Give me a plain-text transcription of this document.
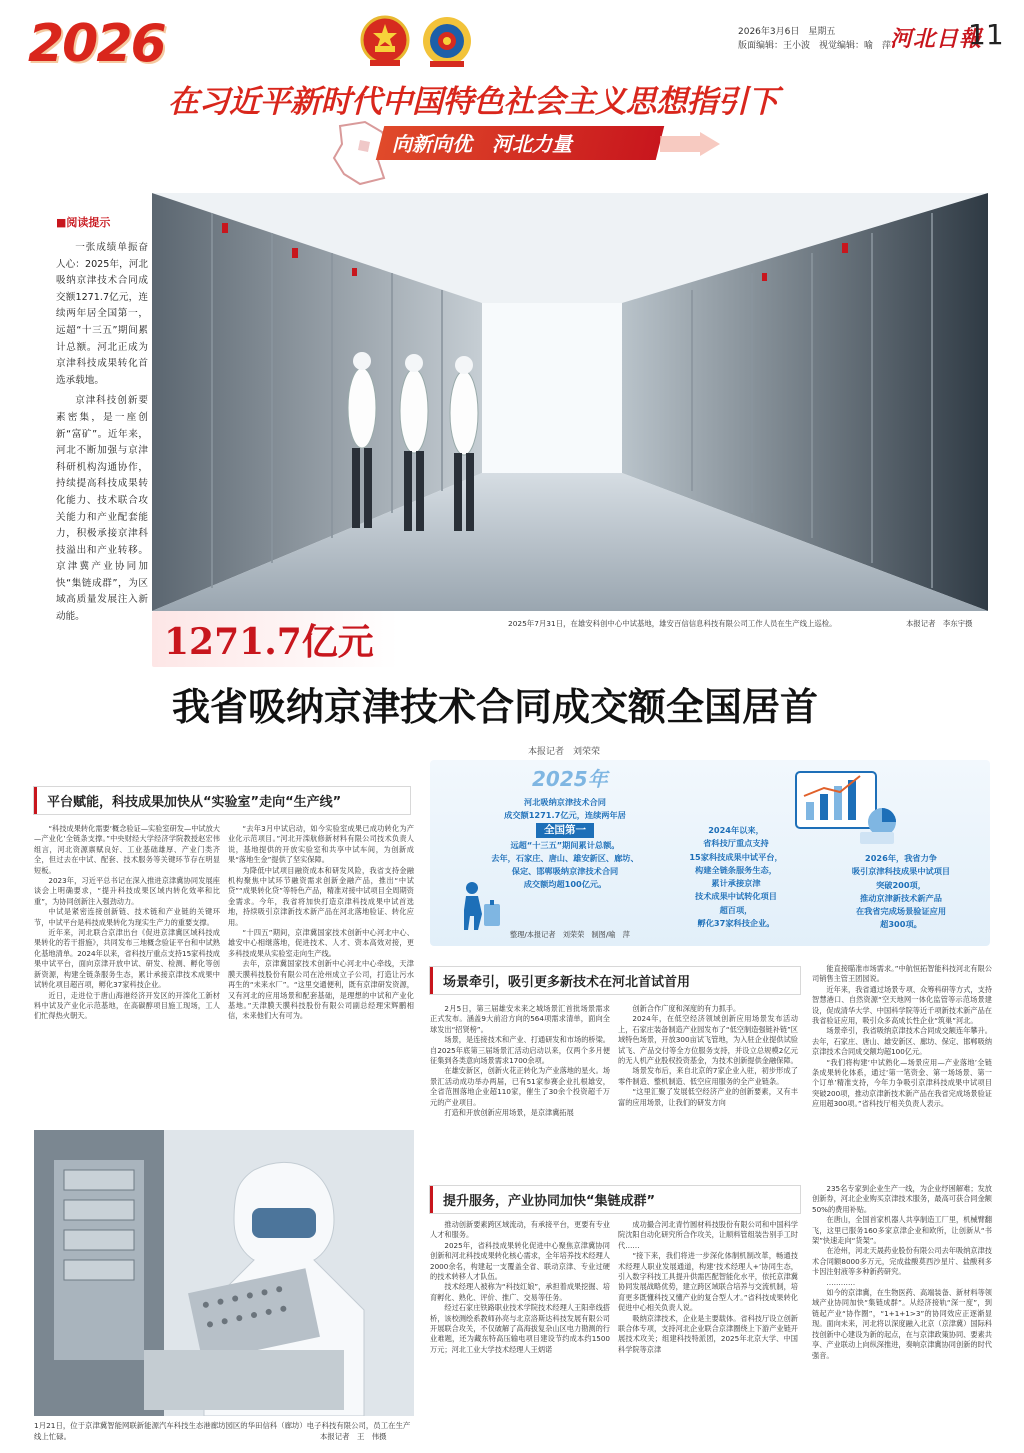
2026	2026年3月6日　星期五
版面编辑：王小波　视觉编辑：喻　萍
河北日報
11
在习近平新时代中国特色社会主义思想指引下
向新向优　河北力量
■阅读提示

一张成绩单振奋人心：2025年，河北吸纳京津技术合同成交额1271.7亿元，连续两年居全国第一，远超“十三五”期间累计总额。河北正成为京津科技成果转化首选承载地。

京津科技创新要素密集，是一座创新“富矿”。近年来，河北不断加强与京津科研机构沟通协作，持续提高科技成果转化能力、技术联合攻关能力和产业配套能力，积极承接京津科技溢出和产业转移。京津冀产业协同加快“集链成群”，为区域高质量发展注入新动能。

2025年7月31日，在雄安科创中心中试基地，雄安百信信息科技有限公司工作人员在生产线上巡检。	本报记者　李东宇摄
1271.7亿元
我省吸纳京津技术合同成交额全国居首
本报记者　刘荣荣
2025年
河北吸纳京津技术合同
成交额1271.7亿元，连续两年居
全国第一
远超“十三五”期间累计总额。
去年，石家庄、唐山、雄安新区、廊坊、
保定、邯郸吸纳京津技术合同
成交额均超100亿元。
2024年以来，
省科技厅重点支持
15家科技成果中试平台，
构建全链条服务生态，
累计承接京津
技术成果中试转化项目
超百项，
孵化37家科技企业。
2026年，我省力争
吸引京津科技成果中试项目
突破200项，
推动京津新技术新产品
在我省完成场景验证应用
超300项。
整理/本报记者　刘荣荣　制图/喻　萍
平台赋能，科技成果加快从“实验室”走向“生产线”

“科技成果转化需要‘概念验证—实验室研发—中试放大—产业化’全链条支撑。”中央财经大学经济学院教授赵宏伟组言，河北资源禀赋良好、工业基础雄厚、产业门类齐全，但过去在中试、配套、技术服务等关键环节存在明显短板。

2023年，习近平总书记在深入推进京津冀协同发展座谈会上明确要求，“提升科技成果区域内转化效率和比重”，为协同创新注入强劲动力。

中试是紧密连接创新链、技术链和产业链的关键环节，中试平台是科技成果转化为现实生产力的重要支撑。

近年来，河北联合京津出台《促进京津冀区域科技成果转化的若干措施》，共同发布三地概念验证平台和中试熟化基地清单。2024年以来，省科技厅重点支持15家科技成果中试平台，面向京津开放中试、研发、检测、孵化等创新资源，构建全链条服务生态，累计承接京津技术成果中试转化项目超百项，孵化37家科技企业。

近日，走进位于唐山海港经济开发区的开滦化工新材料中试及产业化示范基地，在高碳醇项目施工现场，工人们忙得热火朝天。

“去年3月中试启动，如今实验室成果已成功转化为产业化示范项目。”河北开滦航修新材料有限公司技术负责人说，基地提供的开放实验室和共享中试车间，为创新成果“落地生金”提供了坚实保障。

为降低中试项目融资成本和研发风险，我省支持金融机构聚焦中试环节融资需求创新金融产品，推出“中试贷”“成果转化贷”等特色产品，精准对接中试项目全周期资金需求。今年，我省将加快打造京津科技成果中试首选地，持续吸引京津新技术新产品在河北落地验证、转化应用。

“十四五”期间，京津冀国家技术创新中心河北中心、雄安中心相继落地，促进技术、人才、资本高效对接，更多科技成果从实验室走向生产线。

去年，京津冀国家技术创新中心河北中心牵线，天津膜天膜科技股份有限公司在沧州成立子公司，打造让污水再生的“未来水厂”。“这里交通便利，既有京津研发资源，又有河北的应用场景和配套基础，是理想的中试和产业化基地。”天津膜天膜科技股份有限公司副总经理宋辉鹏相信，未来他们大有可为。

1月21日，位于京津冀智能网联新能源汽车科技生态港廊坊园区的华田信科（廊坊）电子科技有限公司，员工在生产线上忙碌。	本报记者　王　伟摄
场景牵引，吸引更多新技术在河北首试首用

2月5日，第三届雄安未来之城场景汇首批场景需求正式发布。涵盖9大前沿方向的564项需求清单，面向全球发出“招贤榜”。

场景，是连接技术和产业、打通研发和市场的桥梁。自2025年底第三届场景汇活动启动以来，仅两个多月便征集到各类意向场景需求1700余项。

在雄安新区，创新火花正转化为产业落地的星火。场景汇活动成功举办两届，已有51家参赛企业扎根雄安，全省范围落地企业超110家，催生了30余个投资超千万元的产业项目。

打造和开放创新应用场景，是京津冀拓展

创新合作广度和深度的有力抓手。

2024年，在低空经济领域创新应用场景发布活动上，石家庄装备制造产业园发布了“低空制造强链补链”区域特色场景，开放300亩试飞管地，为入驻企业提供试验试飞、产品交付等全方位服务支持，并设立总规模2亿元的无人机产业股权投资基金，为技术创新提供金融保障。

场景发布后，来自北京的7家企业入驻，初步形成了零件制造、整机制造、低空应用服务的全产业链条。

“这里汇聚了发展低空经济产业的创新要素，又有丰富的应用场景，让我们的研发方向

能直接瞄准市场需求。”中航恒拓智能科技河北有限公司销售主管王团园说。

近年来，我省通过场景专项、众筹科研等方式，支持智慧港口、自然资源“空天地网一体化监管等示范场景建设，促成清华大学、中国科学院等近千项新技术新产品在我省验证应用，吸引众多高成长性企业“筑巢”河北。

场景牵引，我省吸纳京津技术合同成交额连年攀升。去年，石家庄、唐山、雄安新区、廊坊、保定、邯郸吸纳京津技术合同成交额均超100亿元。

“我们将构建‘中试熟化—场景应用—产业落地’全链条成果转化体系，通过‘第一笔资金、第一场场景、第一个订单’精准支持，今年力争吸引京津科技成果中试项目突破200项，推动京津新技术新产品在我省完成场景验证应用超300项。”省科技厅相关负责人表示。

提升服务，产业协同加快“集链成群”

推动创新要素跨区域流动，有承接平台，更要有专业人才和服务。

2025年，省科技成果转化促进中心聚焦京津冀协同创新和河北科技成果转化核心需求，全年培养技术经理人2000余名，构建起一支覆盖全省、联动京津、专业过硬的技术转移人才队伍。

技术经理人被称为“科技红娘”，承担着成果挖掘、培育孵化、熟化、评价、推广、交易等任务。

经过石家庄铁路职业技术学院技术经理人王阳牵线搭桥，该校测绘系教师孙亮与北京洛斯达科技发展有限公司开展联合攻关，不仅破解了高海拔复杂山区电力勘测的行业难题，还为藏东特高压输电项目建设节约成本约1500万元；河北工业大学技术经理人王炳诺

成功撮合河北青竹圆材科技股份有限公司和中国科学院沈阳自动化研究所合作攻关，让顺料管组装告别手工时代……

“接下来，我们将进一步深化体制机制改革，畅通技术经理人职业发展通道，构建‘技术经理人+’协同生态，引入数字科技工具提升供需匹配智能化水平，依托京津冀协同发展战略优势，建立跨区域联合培养与交流机制，培育更多既懂科技又懂产业的复合型人才。”省科技成果转化促进中心相关负责人说。

吸纳京津技术，企业是主要载体。省科技厅设立创新联合体专项，支持河北企业联合京津圈绕上下游产业链开展技术攻关；组建科技特派团，2025年北京大学、中国科学院等京津

235名专家到企业生产一线，为企业纾困解难；发放创新券，河北企业购买京津技术服务，最高可获合同金额50%的费用补贴。

在唐山，全国首家机器人共享制造工厂里，机械臂翻飞，这里已服务160多家京津企业和欧所，让创新从“书架”快速走向“货架”。

在沧州，河北天晟药业股份有限公司去年吸纳京津技术合同额8000多万元，完成盐酸莫西沙星片、盐酸利多卡因注射液等多种新药研究。

…………

如今的京津冀，在生物医药、高端装备、新材料等领域产业协同加快“集链成群”。从经济接轨“深一度”，到链起产业“协作圈”，“1+1+1>3”的协同效应正逐渐显现。面向未来，河北将以深度融入北京（京津冀）国际科技创新中心建设为新的起点，在与京津政策协同、要素共享、产业联动上向纵深推进，奏响京津冀协同创新的时代强音。
